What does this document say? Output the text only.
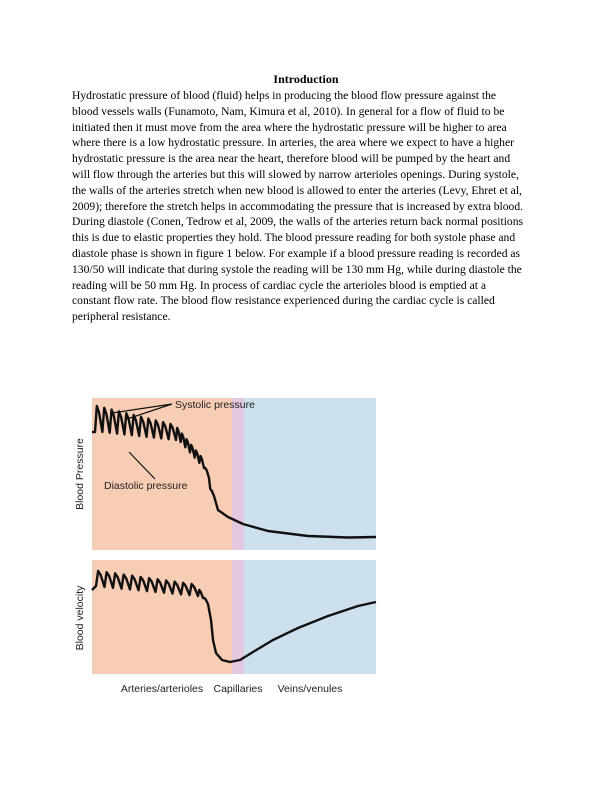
Introduction
Hydrostatic pressure of blood (fluid) helps in producing the blood flow pressure against the
blood vessels walls (Funamoto, Nam, Kimura et al, 2010). In general for a flow of fluid to be
initiated then it must move from the area where the hydrostatic pressure will be higher to area
where there is a low hydrostatic pressure. In arteries, the area where we expect to have a higher
hydrostatic pressure is the area near the heart, therefore blood will be pumped by the heart and
will flow through the arteries but this will slowed by narrow arterioles openings. During systole,
the walls of the arteries stretch when new blood is allowed to enter the arteries (Levy, Ehret et al,
2009); therefore the stretch helps in accommodating the pressure that is increased by extra blood.
During diastole (Conen, Tedrow et al, 2009, the walls of the arteries return back normal positions
this is due to elastic properties they hold. The blood pressure reading for both systole phase and
diastole phase is shown in figure 1 below. For example if a blood pressure reading is recorded as
130/50 will indicate that during systole the reading will be 130 mm Hg, while during diastole the
reading will be 50 mm Hg. In process of cardiac cycle the arterioles blood is emptied at a
constant flow rate. The blood flow resistance experienced during the cardiac cycle is called
peripheral resistance.
Systolic pressure
Diastolic pressure
Blood Pressure
Blood velocity
Arteries/arterioles Capillaries Veins/venules
